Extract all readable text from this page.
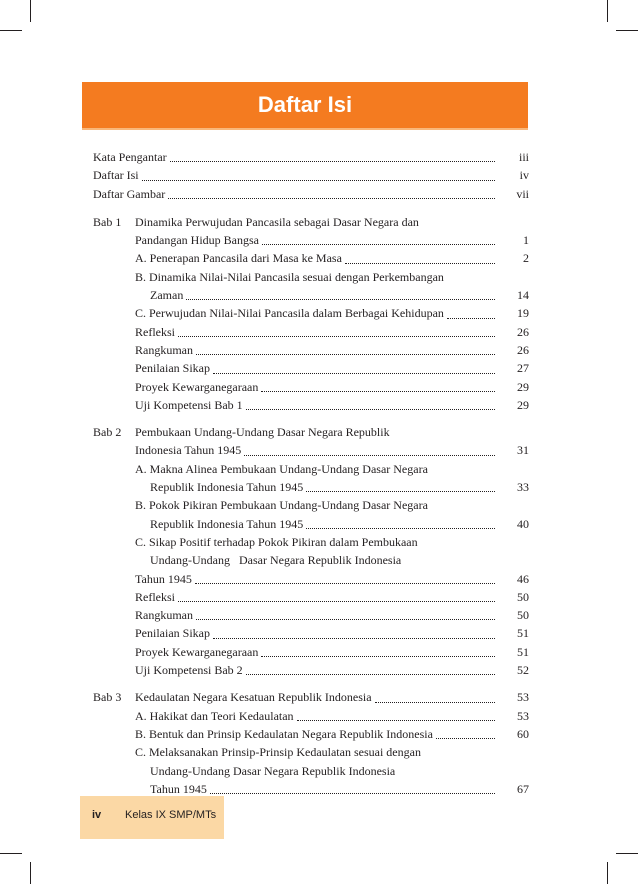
Daftar Isi
Kata Pengantar	iii
Daftar Isi	iv
Daftar Gambar	vii
Bab 1 Dinamika Perwujudan Pancasila sebagai Dasar Negara dan
Pandangan Hidup Bangsa	1
A. Penerapan Pancasila dari Masa ke Masa	2
B. Dinamika Nilai-Nilai Pancasila sesuai dengan Perkembangan
Zaman	14
C. Perwujudan Nilai-Nilai Pancasila dalam Berbagai Kehidupan	19
Refleksi	26
Rangkuman	26
Penilaian Sikap	27
Proyek Kewarganegaraan	29
Uji Kompetensi Bab 1	29
Bab 2 Pembukaan Undang-Undang Dasar Negara Republik
Indonesia Tahun 1945	31
A. Makna Alinea Pembukaan Undang-Undang Dasar Negara
Republik Indonesia Tahun 1945	33
B. Pokok Pikiran Pembukaan Undang-Undang Dasar Negara
Republik Indonesia Tahun 1945	40
C. Sikap Positif terhadap Pokok Pikiran dalam Pembukaan
Undang-Undang   Dasar Negara Republik Indonesia
Tahun 1945	46
Refleksi	50
Rangkuman	50
Penilaian Sikap	51
Proyek Kewarganegaraan	51
Uji Kompetensi Bab 2	52
Bab 3 Kedaulatan Negara Kesatuan Republik Indonesia	53
A. Hakikat dan Teori Kedaulatan	53
B. Bentuk dan Prinsip Kedaulatan Negara Republik Indonesia	60
C. Melaksanakan Prinsip-Prinsip Kedaulatan sesuai dengan
Undang-Undang Dasar Negara Republik Indonesia
Tahun 1945	67
iv Kelas IX SMP/MTs
